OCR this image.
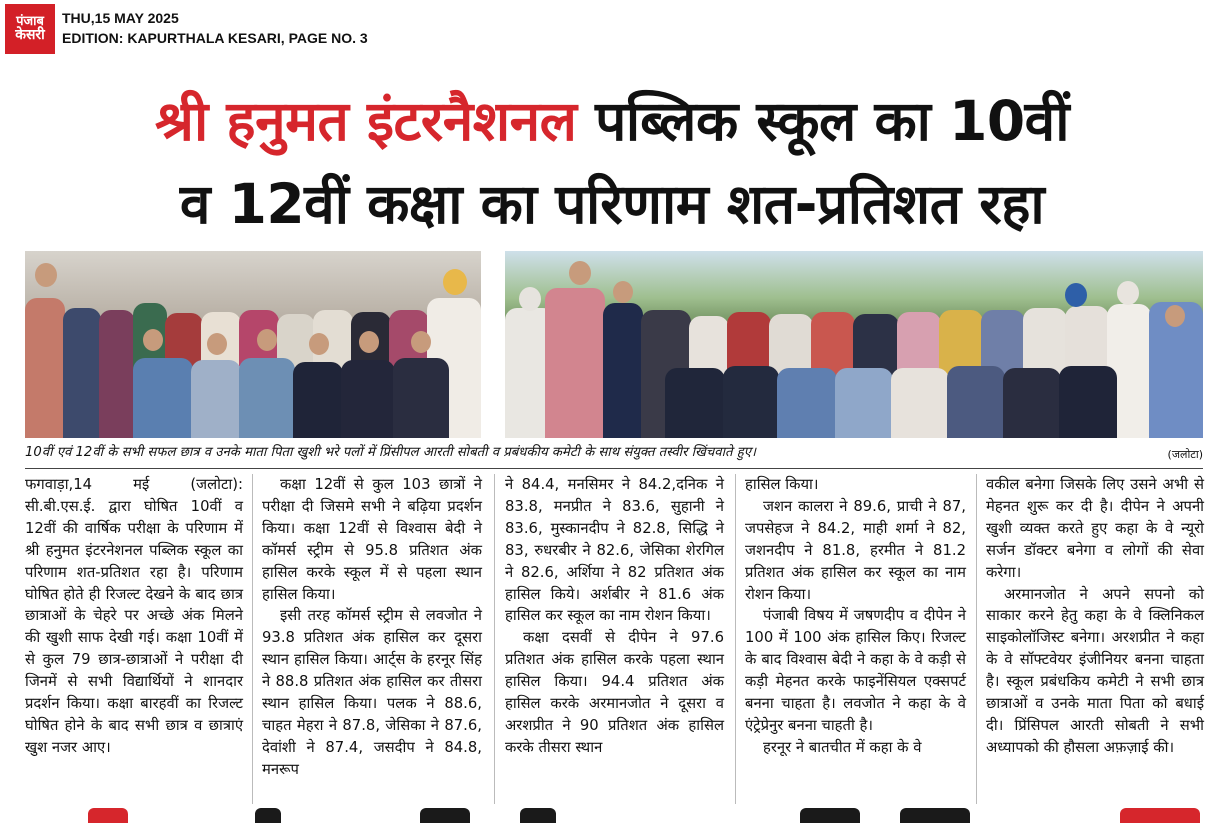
पंजाब
केसरी
THU,15 MAY 2025
EDITION: KAPURTHALA KESARI, PAGE NO. 3
श्री हनुमत इंटरनैशनल पब्लिक स्कूल का 10वीं
व 12वीं कक्षा का परिणाम शत-प्रतिशत रहा
10वीं एवं 12वीं के सभी सफल छात्र व उनके माता पिता खुशी भरे पलों में प्रिंसीपल आरती सोबती व प्रबंधकीय कमेटी के साथ संयुक्त तस्वीर खिंचवाते हुए।	(जलोटा)

फगवाड़ा,14 मई (जलोटा): सी.बी.एस.ई. द्वारा घोषित 10वीं व 12वीं की वार्षिक परीक्षा के परिणाम में श्री हनुमत इंटरनेशनल पब्लिक स्कूल का परिणाम शत-प्रतिशत रहा है। परिणाम घोषित होते ही रिजल्ट देखने के बाद छात्र छात्राओं के चेहरे पर अच्छे अंक मिलने की खुशी साफ देखी गई। कक्षा 10वीं में से कुल 79 छात्र-छात्राओं ने परीक्षा दी जिनमें से सभी विद्यार्थियों ने शानदार प्रदर्शन किया। कक्षा बारहवीं का रिजल्ट घोषित होने के बाद सभी छात्र व छात्राएं खुश नजर आए।

कक्षा 12वीं से कुल 103 छात्रों ने परीक्षा दी जिसमे सभी ने बढ़िया प्रदर्शन किया। कक्षा 12वीं से विश्वास बेदी ने कॉमर्स स्ट्रीम से 95.8 प्रतिशत अंक हासिल करके स्कूल में से पहला स्थान हासिल किया।

इसी तरह कॉमर्स स्ट्रीम से लवजोत ने 93.8 प्रतिशत अंक हासिल कर दूसरा स्थान हासिल किया। आर्ट्स के हरनूर सिंह ने 88.8 प्रतिशत अंक हासिल कर तीसरा स्थान हासिल किया। पलक ने 88.6, चाहत मेहरा ने 87.8, जेसिका ने 87.6, देवांशी ने 87.4, जसदीप ने 84.8, मनरूप

ने 84.4, मनसिमर ने 84.2,दनिक ने 83.8, मनप्रीत ने 83.6, सुहानी ने 83.6, मुस्कानदीप ने 82.8, सिद्धि ने 83, रुधरबीर ने 82.6, जेसिका शेरगिल ने 82.6, अर्शिया ने 82 प्रतिशत अंक हासिल किये। अर्शबीर ने 81.6 अंक हासिल कर स्कूल का नाम रोशन किया।

कक्षा दसवीं से दीपेन ने 97.6 प्रतिशत अंक हासिल करके पहला स्थान हासिल किया। 94.4 प्रतिशत अंक हासिल करके अरमानजोत ने दूसरा व अरशप्रीत ने 90 प्रतिशत अंक हासिल करके तीसरा स्थान

हासिल किया।

जशन कालरा ने 89.6, प्राची ने 87, जपसेहज ने 84.2, माही शर्मा ने 82, जशनदीप ने 81.8, हरमीत ने 81.2 प्रतिशत अंक हासिल कर स्कूल का नाम रोशन किया।

पंजाबी विषय में जषणदीप व दीपेन ने 100 में 100 अंक हासिल किए। रिजल्ट के बाद विश्वास बेदी ने कहा के वे कड़ी से कड़ी मेहनत करके फाइनेंसियल एक्सपर्ट बनना चाहता है। लवजोत ने कहा के वे एंट्रेप्रेनुर बनना चाहती है।

हरनूर ने बातचीत में कहा के वे

वकील बनेगा जिसके लिए उसने अभी से मेहनत शुरू कर दी है। दीपेन ने अपनी खुशी व्यक्त करते हुए कहा के वे न्यूरो सर्जन डॉक्टर बनेगा व लोगों की सेवा करेगा।

अरमानजोत ने अपने सपनो को साकार करने हेतु कहा के वे क्लिनिकल साइकोलॉजिस्ट बनेगा। अरशप्रीत ने कहा के वे सॉफ्टवेयर इंजीनियर बनना चाहता है। स्कूल प्रबंधकिय कमेटी ने सभी छात्र छात्राओं व उनके माता पिता को बधाई दी। प्रिंसिपल आरती सोबती ने सभी अध्यापको की हौसला अफ़ज़ाई की।
